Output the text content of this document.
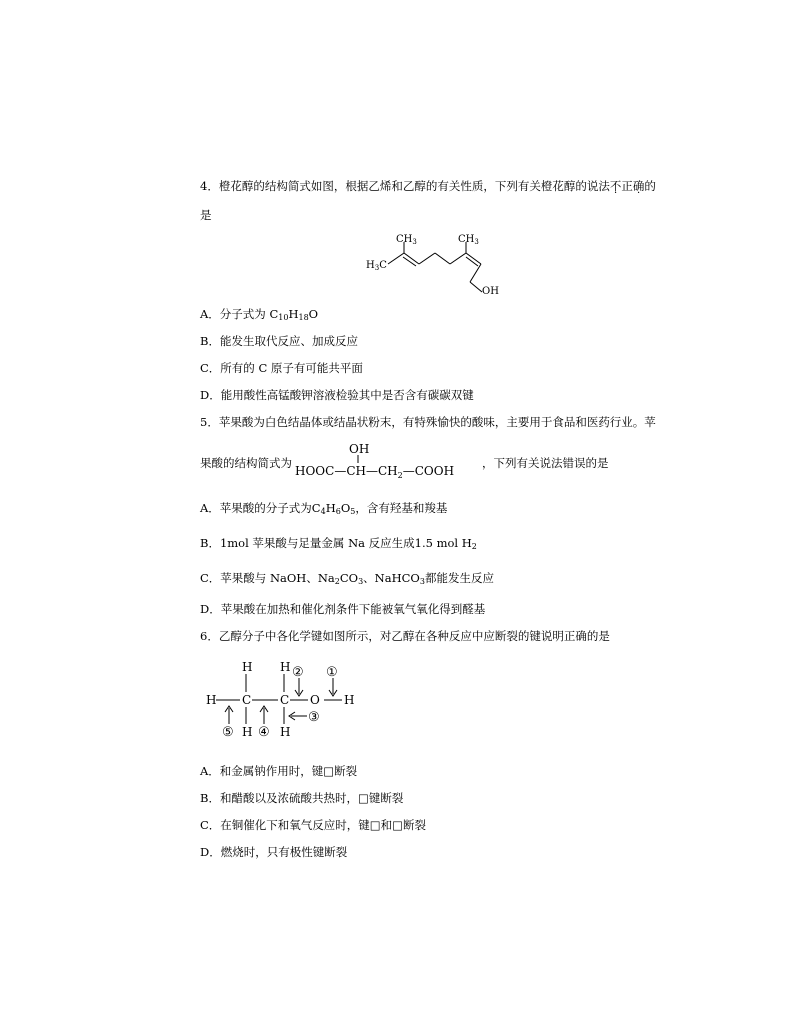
4．橙花醇的结构简式如图，根据乙烯和乙醇的有关性质，下列有关橙花醇的说法不正确的
是
$CH_3$	$CH_3$
$H_3C$
OH
A．分子式为 $C_{10}H_{18}O$
B．能发生取代反应、加成反应
C．所有的 C 原子有可能共平面
D．能用酸性高锰酸钾溶液检验其中是否含有碳碳双键
5．苹果酸为白色结晶体或结晶状粉末，有特殊愉快的酸味，主要用于食品和医药行业。苹
果酸的结构简式为
OH
$HOOC—CH—CH_2—COOH$
，下列有关说法错误的是
A．苹果酸的分子式为$C_4H_6O_5$，含有羟基和羧基
B．1mol 苹果酸与足量金属 Na 反应生成1.5 mol $H_2$
C．苹果酸与 NaOH、$Na_2CO_3$、NaHCO$_3$都能发生反应
D．苹果酸在加热和催化剂条件下能被氧气氧化得到醛基
6．乙醇分子中各化学键如图所示，对乙醇在各种反应中应断裂的键说明正确的是
H H
H C C O H
H H
①
②
③
④
⑤
A．和金属钠作用时，键□断裂
B．和醋酸以及浓硫酸共热时，□键断裂
C．在铜催化下和氧气反应时，键□和□断裂
D．燃烧时，只有极性键断裂
